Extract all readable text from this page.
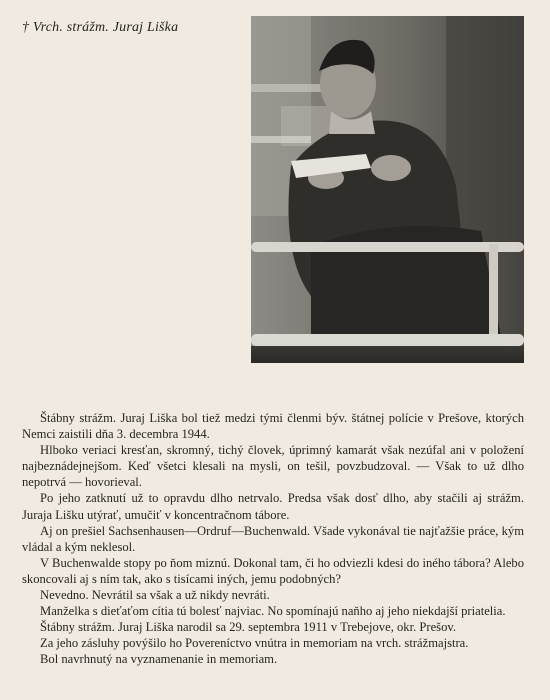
† Vrch. strážm. Juraj Liška

Štábny strážm. Juraj Liška bol tiež medzi tými členmi býv. štátnej polície v Prešove, ktorých Nemci zaistili dňa 3. decembra 1944.

Hlboko veriaci kresťan, skromný, tichý človek, úprimný kamarát však nezúfal ani v položení najbeznádejnejšom. Keď všetci klesali na mysli, on tešil, povzbudzoval. — Však to už dlho nepotrvá — hovorieval.

Po jeho zatknutí už to opravdu dlho netrvalo. Predsa však dosť dlho, aby stačili aj strážm. Juraja Lišku utýrať, umučiť v koncentračnom tábore.

Aj on prešiel Sachsenhausen—Ordruf—Buchenwald. Všade vykonával tie najťažšie práce, kým vládal a kým neklesol.

V Buchenwalde stopy po ňom miznú. Dokonal tam, či ho odviezli kdesi do iného tábora? Alebo skoncovali aj s ním tak, ako s tisícami iných, jemu podobných?

Nevedno. Nevrátil sa však a už nikdy nevráti.

Manželka s dieťaťom cítia tú bolesť najviac. No spomínajú naňho aj jeho niekdajší priatelia.

Štábny strážm. Juraj Liška narodil sa 29. septembra 1911 v Trebejove, okr. Prešov.

Za jeho zásluhy povýšilo ho Povereníctvo vnútra in memoriam na vrch. strážmajstra.

Bol navrhnutý na vyznamenanie in memoriam.
